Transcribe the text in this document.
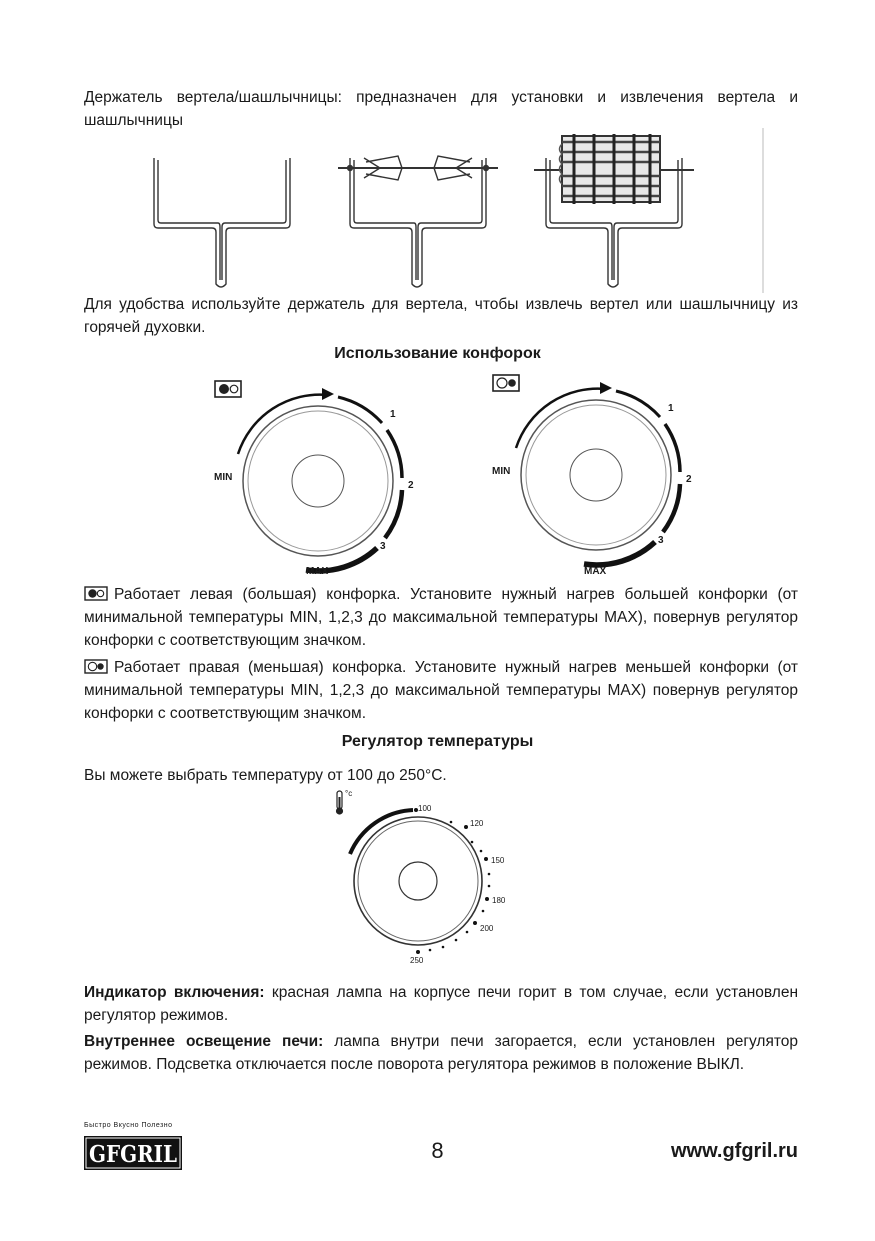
Держатель вертела/шашлычницы: предназначен для установки и извлечения вертела и шашлычницы
Для удобства используйте держатель для вертела, чтобы извлечь вертел или шашлычницу из горячей духовки.
Использование конфорок
MIN
1
2
3
MAX
MIN
1
2
3
MAX
Работает левая (большая) конфорка. Установите нужный нагрев большей конфорки (от минимальной температуры MIN, 1,2,3 до максимальной температуры MAX), повернув регулятор конфорки с соответствующим значком.
Работает правая (меньшая) конфорка. Установите нужный нагрев меньшей конфорки (от минимальной температуры MIN, 1,2,3 до максимальной температуры MAX) повернув регулятор конфорки с соответствующим значком.
Регулятор температуры
Вы можете выбрать температуру от 100 до 250°С.
°c
100
120
150
180
200
250
Индикатор включения: красная лампа на корпусе печи горит в том случае, если установлен регулятор режимов.
Внутреннее освещение печи: лампа внутри печи загорается, если установлен регулятор режимов. Подсветка отключается после поворота регулятора режимов в положение ВЫКЛ.
Быстро Вкусно Полезно
GFGRIL	8	www.gfgril.ru
